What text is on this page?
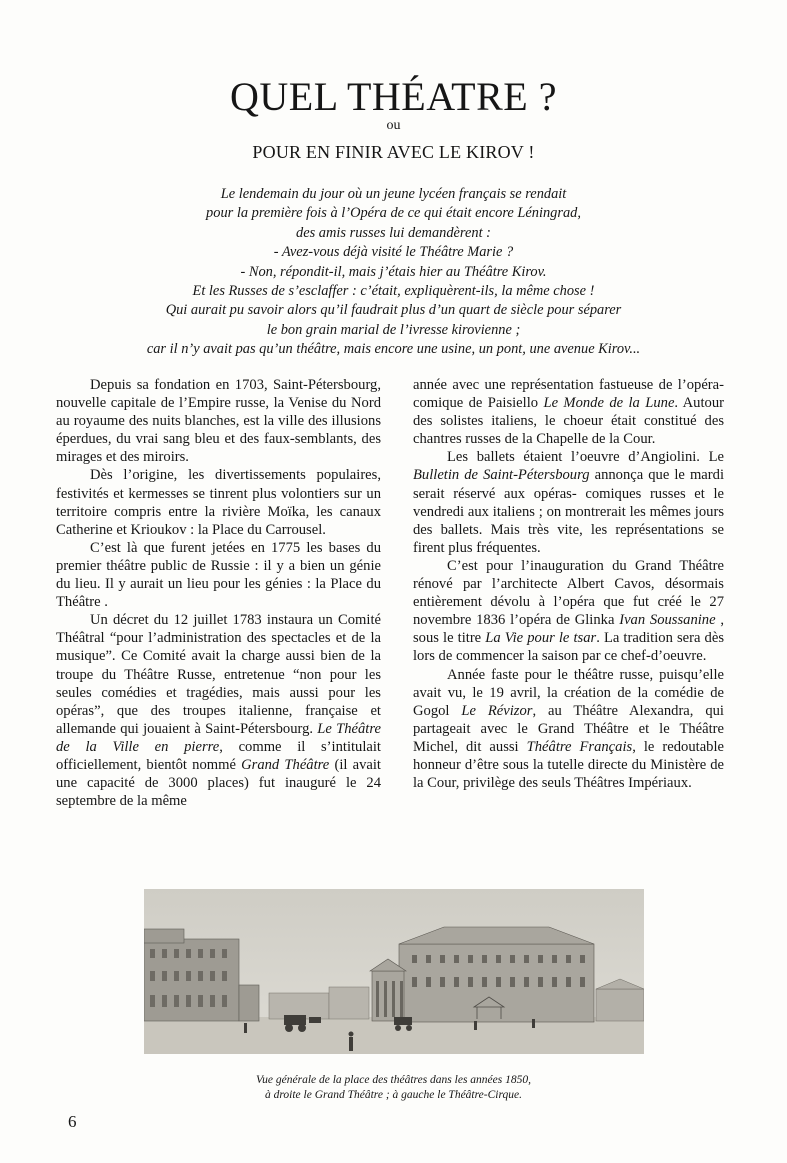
QUEL THÉATRE ?
ou
POUR EN FINIR AVEC LE KIROV !
Le lendemain du jour où un jeune lycéen français se rendait
pour la première fois à l’Opéra de ce qui était encore Léningrad,
des amis russes lui demandèrent :
- Avez-vous déjà visité le Théâtre Marie ?
- Non, répondit-il, mais j’étais hier au Théâtre Kirov.
Et les Russes de s’esclaffer : c’était, expliquèrent-ils, la même chose !
Qui aurait pu savoir alors qu’il faudrait plus d’un quart de siècle pour séparer
le bon grain marial de l’ivresse kirovienne ;
car il n’y avait pas qu’un théâtre, mais encore une usine, un pont, une avenue Kirov...

Depuis sa fondation en 1703, Saint-Pétersbourg, nouvelle capitale de l’Empire russe, la Venise du Nord au royaume des nuits blanches, est la ville des illusions éperdues, du vrai sang bleu et des faux-semblants, des mirages et des miroirs.

Dès l’origine, les divertissements populaires, festivités et kermesses se tinrent plus volontiers sur un territoire compris entre la rivière Moïka, les canaux Catherine et Krioukov : la Place du Carrousel.

C’est là que furent jetées en 1775 les bases du premier théâtre public de Russie : il y a bien un génie du lieu. Il y aurait un lieu pour les génies : la Place du Théâtre .

Un décret du 12 juillet 1783 instaura un Comité Théâtral “pour l’administration des spectacles et de la musique”. Ce Comité avait la charge aussi bien de la troupe du Théâtre Russe, entretenue “non pour les seules comédies et tragédies, mais aussi pour les opéras”, que des troupes italienne, française et allemande qui jouaient à Saint-Pétersbourg. Le Théâtre de la Ville en pierre, comme il s’intitulait officiellement, bientôt nommé Grand Théâtre (il avait une capacité de 3000 places) fut inauguré le 24 septembre de la même

année avec une représentation fastueuse de l’opéra-comique de Paisiello Le Monde de la Lune. Autour des solistes italiens, le choeur était constitué des chantres russes de la Chapelle de la Cour.

Les ballets étaient l’oeuvre d’Angiolini. Le Bulletin de Saint-Pétersbourg annonça que le mardi serait réservé aux opéras- comiques russes et le vendredi aux italiens ; on montrerait les mêmes jours des ballets. Mais très vite, les représentations se firent plus fréquentes.

C’est pour l’inauguration du Grand Théâtre rénové par l’architecte Albert Cavos, désormais entièrement dévolu à l’opéra que fut créé le 27 novembre 1836 l’opéra de Glinka Ivan Soussanine , sous le titre La Vie pour le tsar. La tradition sera dès lors de commencer la saison par ce chef-d’oeuvre.

Année faste pour le théâtre russe, puisqu’elle avait vu, le 19 avril, la création de la comédie de Gogol Le Révizor, au Théâtre Alexandra, qui partageait avec le Grand Théâtre et le Théâtre Michel, dit aussi Théâtre Français, le redoutable honneur d’être sous la tutelle directe du Ministère de la Cour, privilège des seuls Théâtres Impériaux.

Vue générale de la place des théâtres dans les années 1850,
à droite le Grand Théâtre ; à gauche le Théâtre-Cirque.
6
